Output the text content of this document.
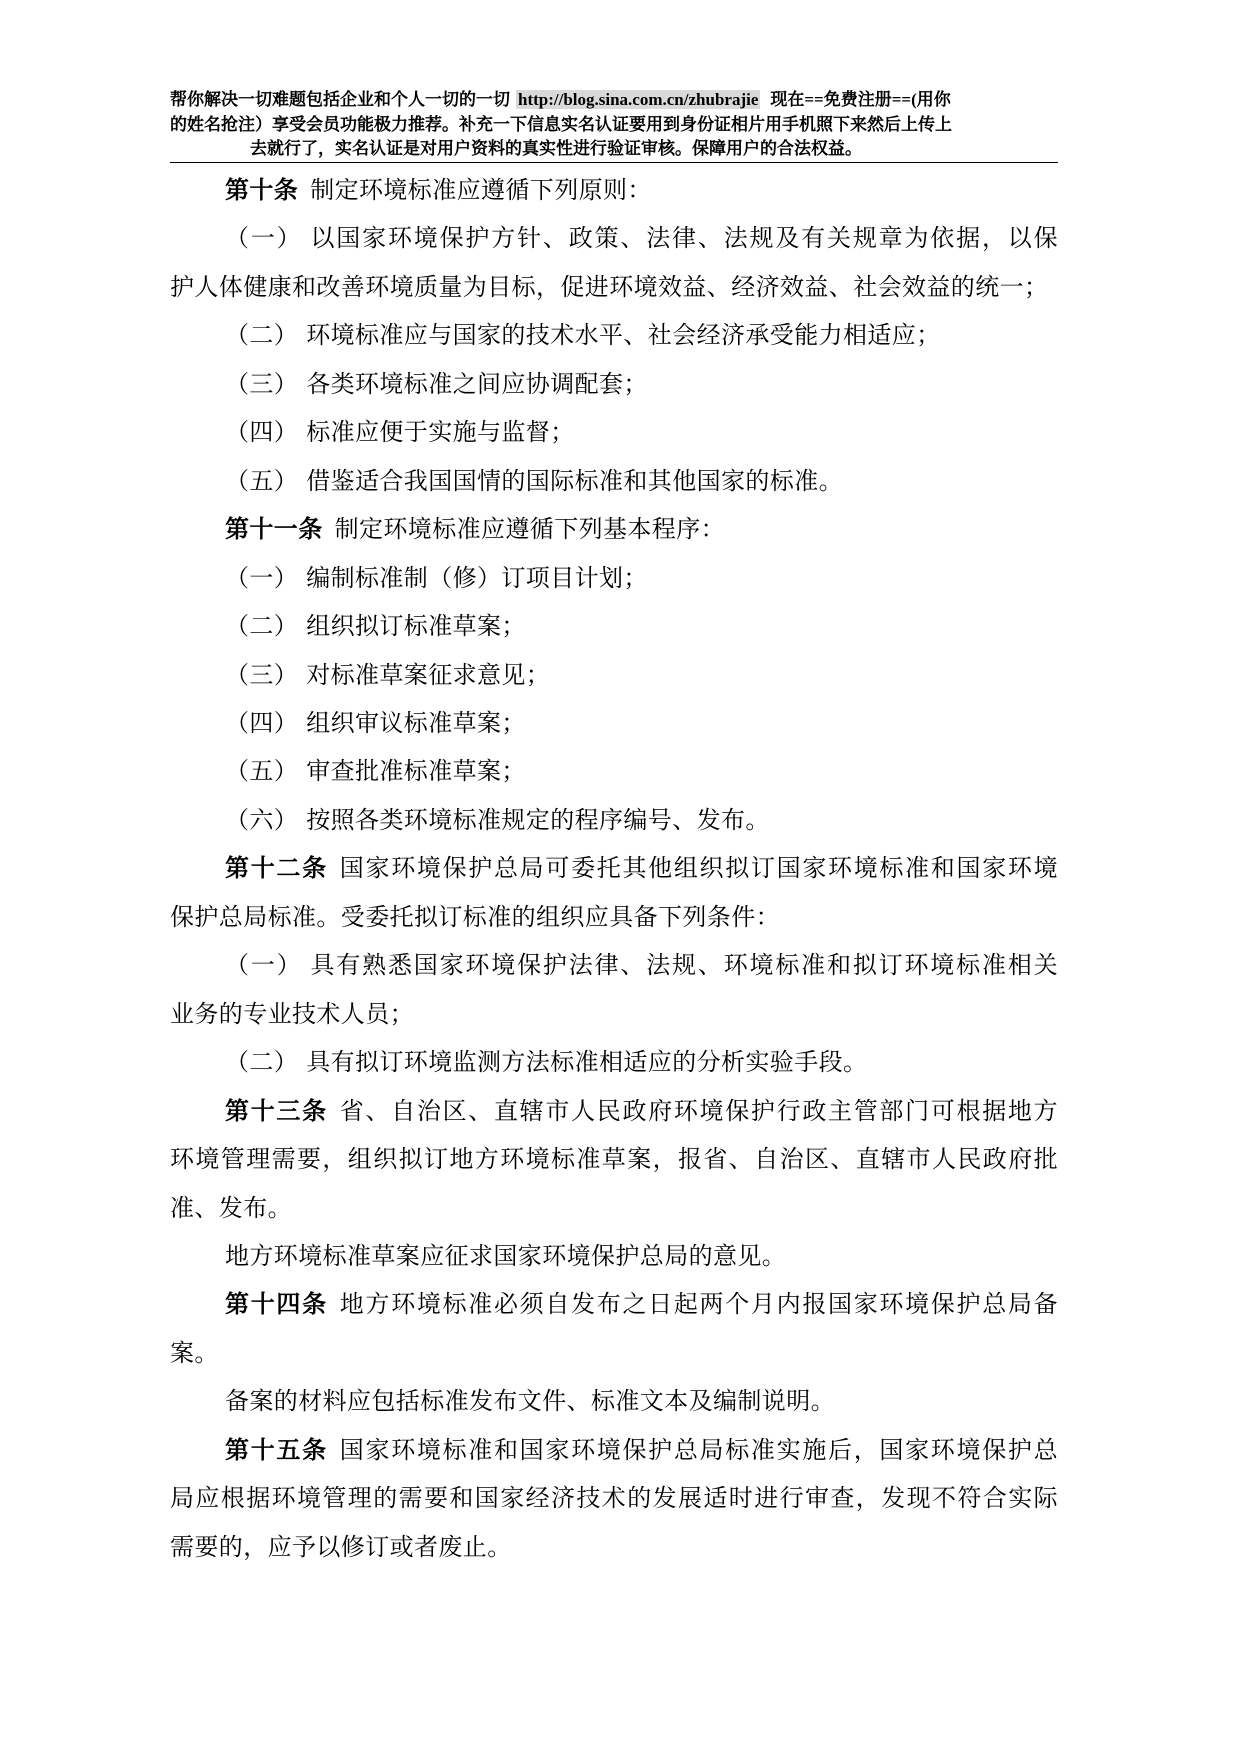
帮你解决一切难题包括企业和个人一切的一切 http://blog.sina.com.cn/zhubrajie 现在==免费注册==(用你
的姓名抢注）享受会员功能极力推荐。补充一下信息实名认证要用到身份证相片用手机照下来然后上传上
去就行了，实名认证是对用户资料的真实性进行验证审核。保障用户的合法权益。
第十条 制定环境标准应遵循下列原则：
（一） 以国家环境保护方针、政策、法律、法规及有关规章为依据，以保
护人体健康和改善环境质量为目标，促进环境效益、经济效益、社会效益的统一；
（二） 环境标准应与国家的技术水平、社会经济承受能力相适应；
（三） 各类环境标准之间应协调配套；
（四） 标准应便于实施与监督；
（五） 借鉴适合我国国情的国际标准和其他国家的标准。
第十一条 制定环境标准应遵循下列基本程序：
（一） 编制标准制（修）订项目计划；
（二） 组织拟订标准草案；
（三） 对标准草案征求意见；
（四） 组织审议标准草案；
（五） 审查批准标准草案；
（六） 按照各类环境标准规定的程序编号、发布。
第十二条 国家环境保护总局可委托其他组织拟订国家环境标准和国家环境
保护总局标准。受委托拟订标准的组织应具备下列条件：
（一） 具有熟悉国家环境保护法律、法规、环境标准和拟订环境标准相关
业务的专业技术人员；
（二） 具有拟订环境监测方法标准相适应的分析实验手段。
第十三条 省、自治区、直辖市人民政府环境保护行政主管部门可根据地方
环境管理需要，组织拟订地方环境标准草案，报省、自治区、直辖市人民政府批
准、发布。
地方环境标准草案应征求国家环境保护总局的意见。
第十四条 地方环境标准必须自发布之日起两个月内报国家环境保护总局备
案。
备案的材料应包括标准发布文件、标准文本及编制说明。
第十五条 国家环境标准和国家环境保护总局标准实施后，国家环境保护总
局应根据环境管理的需要和国家经济技术的发展适时进行审查，发现不符合实际
需要的，应予以修订或者废止。
